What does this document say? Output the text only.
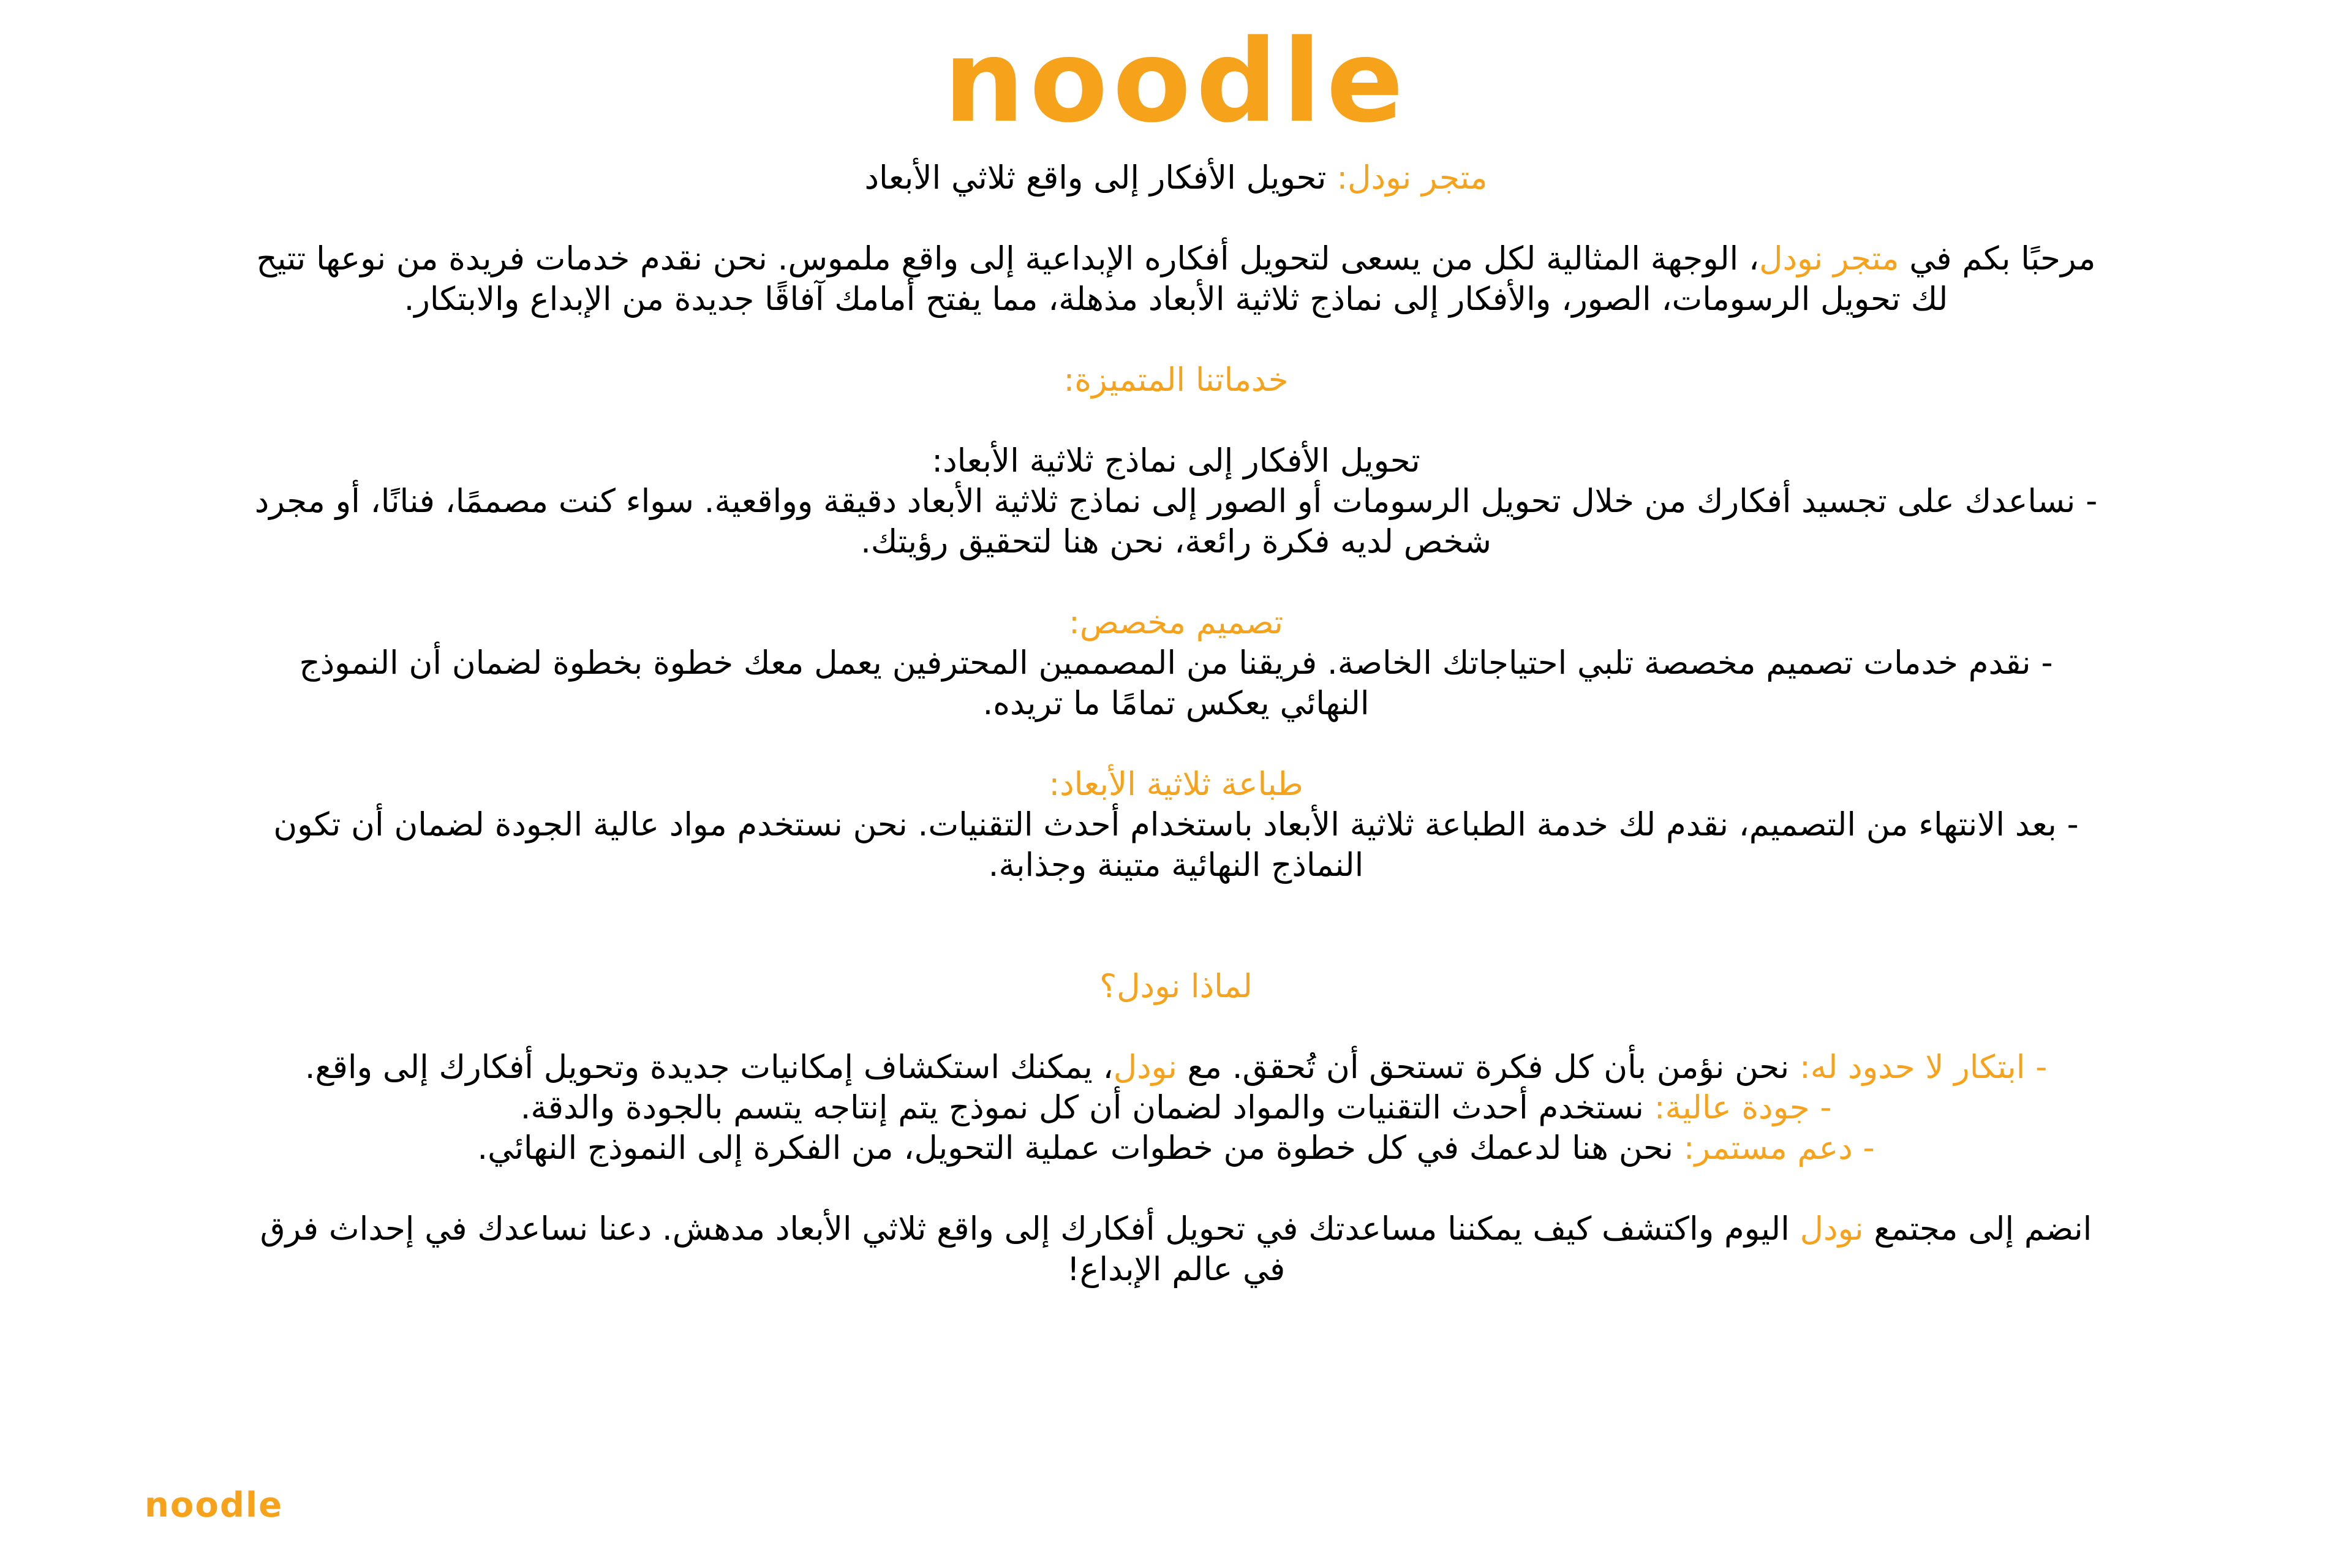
noodle
متجر نودل: تحويل الأفكار إلى واقع ثلاثي الأبعاد
مرحبًا بكم في متجر نودل، الوجهة المثالية لكل من يسعى لتحويل أفكاره الإبداعية إلى واقع ملموس. نحن نقدم خدمات فريدة من نوعها تتيح
لك تحويل الرسومات، الصور، والأفكار إلى نماذج ثلاثية الأبعاد مذهلة، مما يفتح أمامك آفاقًا جديدة من الإبداع والابتكار.
خدماتنا المتميزة:
تحويل الأفكار إلى نماذج ثلاثية الأبعاد:
- نساعدك على تجسيد أفكارك من خلال تحويل الرسومات أو الصور إلى نماذج ثلاثية الأبعاد دقيقة وواقعية. سواء كنت مصممًا، فنانًا، أو مجرد
شخص لديه فكرة رائعة، نحن هنا لتحقيق رؤيتك.
تصميم مخصص:
- نقدم خدمات تصميم مخصصة تلبي احتياجاتك الخاصة. فريقنا من المصممين المحترفين يعمل معك خطوة بخطوة لضمان أن النموذج
النهائي يعكس تمامًا ما تريده.
طباعة ثلاثية الأبعاد:
- بعد الانتهاء من التصميم، نقدم لك خدمة الطباعة ثلاثية الأبعاد باستخدام أحدث التقنيات. نحن نستخدم مواد عالية الجودة لضمان أن تكون
النماذج النهائية متينة وجذابة.
لماذا نودل؟
- ابتكار لا حدود له: نحن نؤمن بأن كل فكرة تستحق أن تُحقق. مع نودل، يمكنك استكشاف إمكانيات جديدة وتحويل أفكارك إلى واقع.
- جودة عالية: نستخدم أحدث التقنيات والمواد لضمان أن كل نموذج يتم إنتاجه يتسم بالجودة والدقة.
- دعم مستمر: نحن هنا لدعمك في كل خطوة من خطوات عملية التحويل، من الفكرة إلى النموذج النهائي.
انضم إلى مجتمع نودل اليوم واكتشف كيف يمكننا مساعدتك في تحويل أفكارك إلى واقع ثلاثي الأبعاد مدهش. دعنا نساعدك في إحداث فرق
في عالم الإبداع!
noodle
